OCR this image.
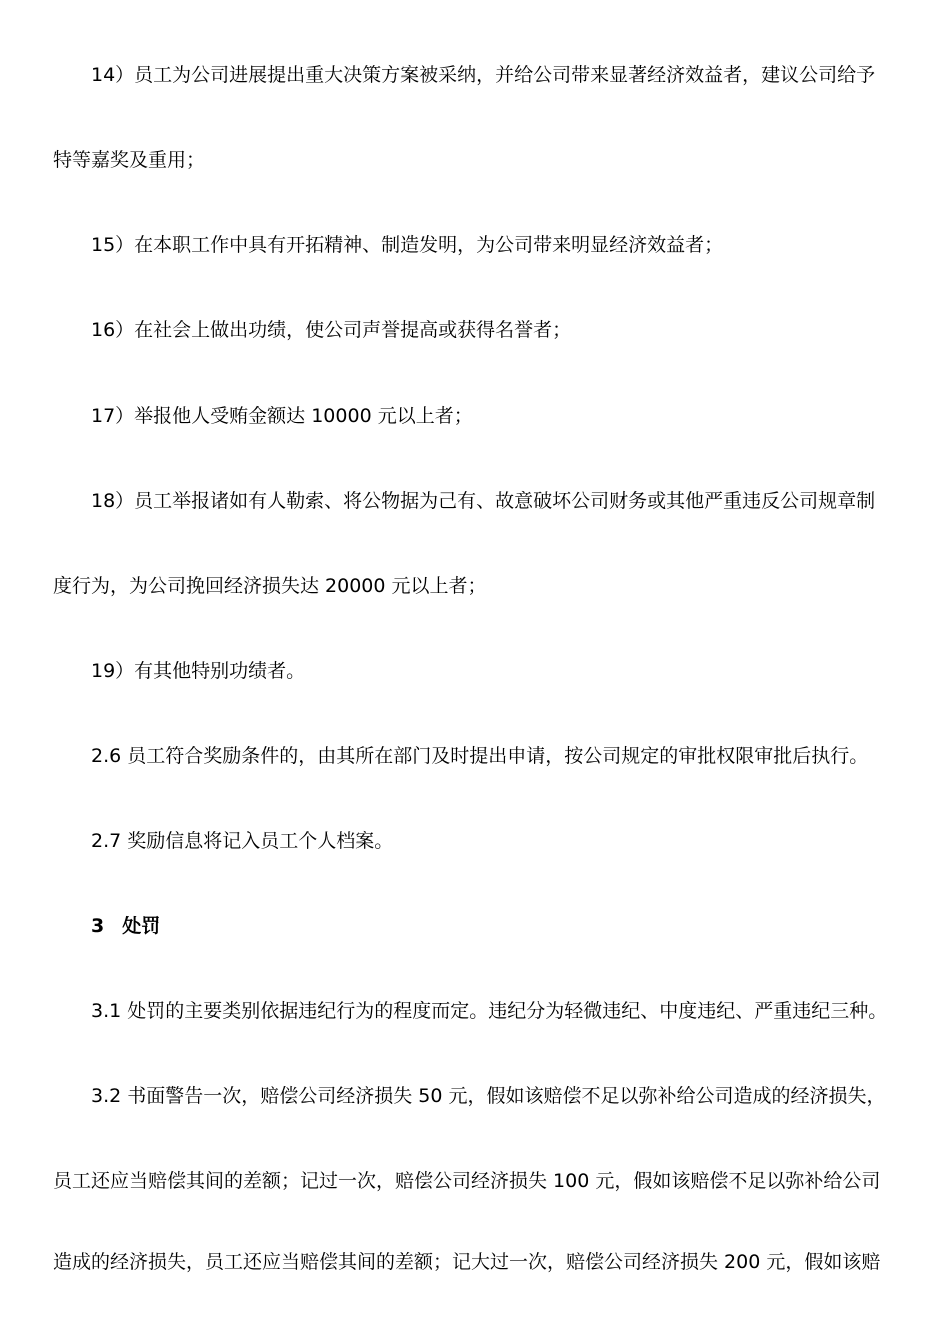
14）员工为公司进展提出重大决策方案被采纳，并给公司带来显著经济效益者，建议公司给予
特等嘉奖及重用；
15）在本职工作中具有开拓精神、制造发明，为公司带来明显经济效益者；
16）在社会上做出功绩，使公司声誉提高或获得名誉者；
17）举报他人受贿金额达 10000 元以上者；
18）员工举报诸如有人勒索、将公物据为己有、故意破坏公司财务或其他严重违反公司规章制
度行为，为公司挽回经济损失达 20000 元以上者；
19）有其他特别功绩者。
2.6 员工符合奖励条件的，由其所在部门及时提出申请，按公司规定的审批权限审批后执行。
2.7 奖励信息将记入员工个人档案。
3 处罚
3.1 处罚的主要类别依据违纪行为的程度而定。违纪分为轻微违纪、中度违纪、严重违纪三种。
3.2 书面警告一次，赔偿公司经济损失 50 元，假如该赔偿不足以弥补给公司造成的经济损失，
员工还应当赔偿其间的差额；记过一次，赔偿公司经济损失 100 元，假如该赔偿不足以弥补给公司
造成的经济损失，员工还应当赔偿其间的差额；记大过一次，赔偿公司经济损失 200 元，假如该赔
